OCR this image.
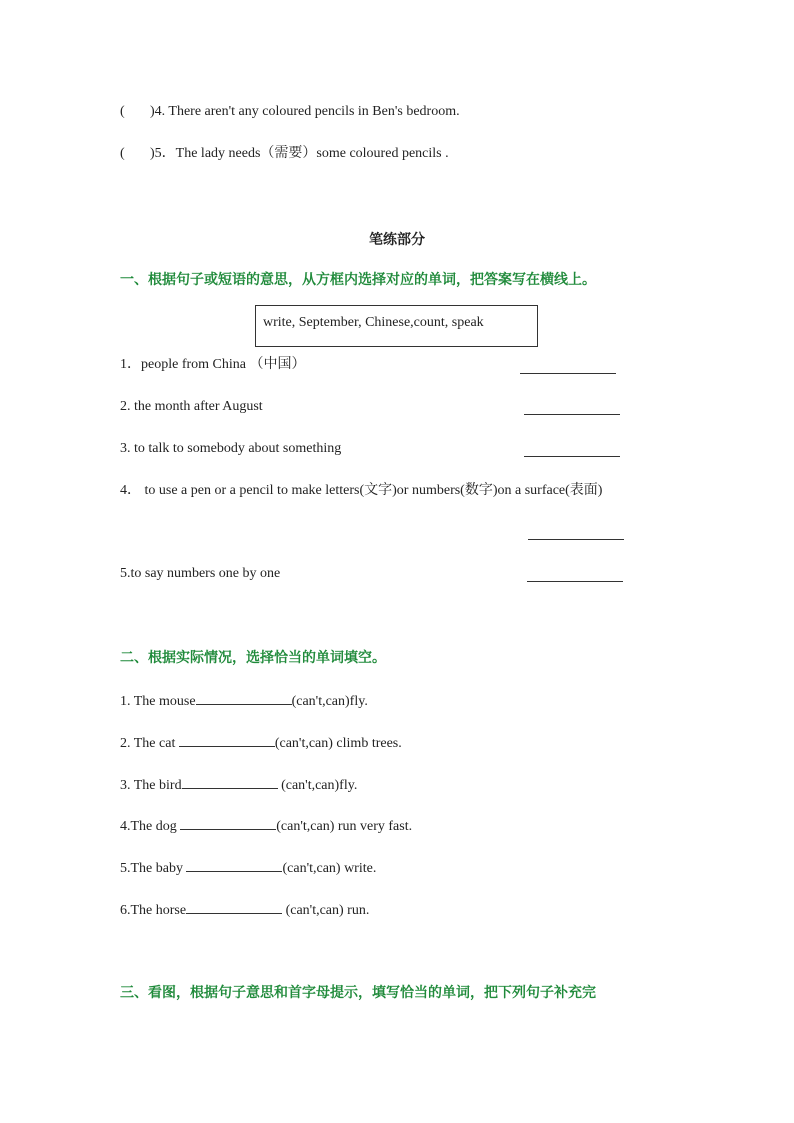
( )4. There aren't any coloured pencils in Ben's bedroom.
( )5．The lady needs（需要）some coloured pencils .
笔练部分
一、根据句子或短语的意思，从方框内选择对应的单词，把答案写在横线上。
write, September, Chinese,count, speak
1．people from China （中国）
2. the month after August
3. to talk to somebody about something
4． to use a pen or a pencil to make letters(文字)or numbers(数字)on a surface(表面)
5.to say numbers one by one
二、根据实际情况，选择恰当的单词填空。
1. The mouse	(can't,can)fly.
2. The cat	(can't,can) climb trees.
3. The bird	(can't,can)fly.
4.The dog	(can't,can) run very fast.
5.The baby	(can't,can) write.
6.The horse	(can't,can) run.
三、看图，根据句子意思和首字母提示，填写恰当的单词，把下列句子补充完
